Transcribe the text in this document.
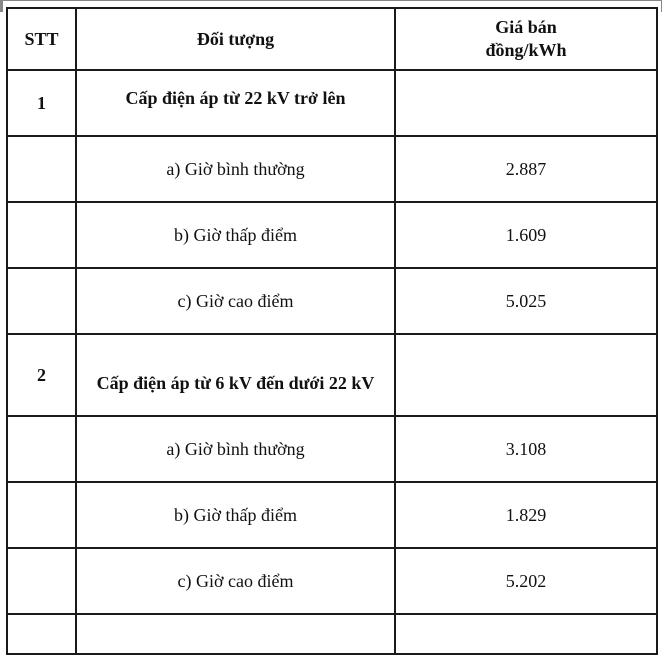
STT	Đối tượng	Giá bán
đồng/kWh
1	Cấp điện áp từ 22 kV trở lên	
	a) Giờ bình thường	2.887
	b) Giờ thấp điểm	1.609
	c) Giờ cao điểm	5.025
2	Cấp điện áp từ 6 kV đến dưới 22 kV	
	a) Giờ bình thường	3.108
	b) Giờ thấp điểm	1.829
	c) Giờ cao điểm	5.202
